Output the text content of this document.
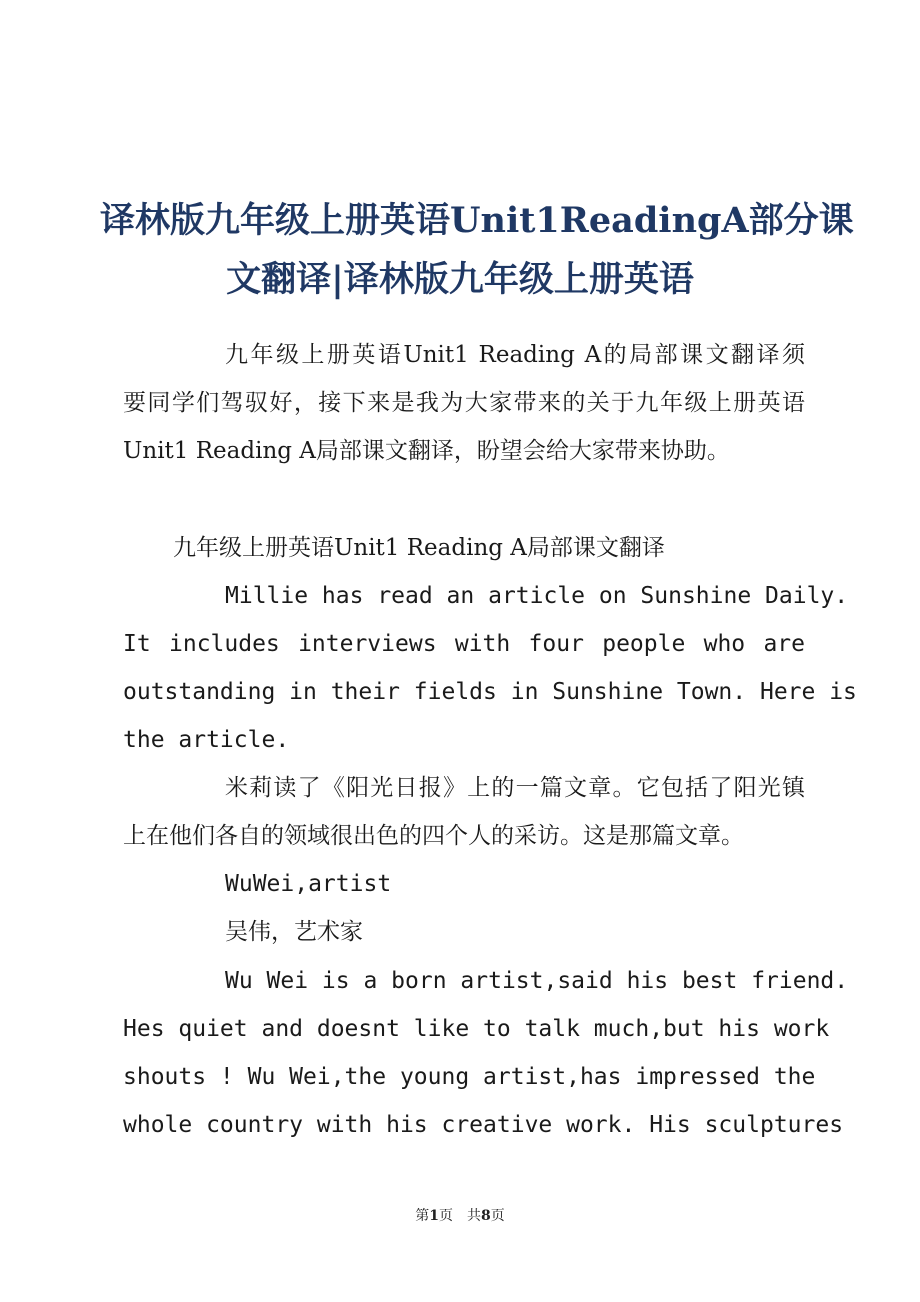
译林版九年级上册英语Unit1ReadingA部分课
文翻译|译林版九年级上册英语
九年级上册英语Unit1 Reading A的局部课文翻译须
要同学们驾驭好，接下来是我为大家带来的关于九年级上册英语
Unit1 Reading A局部课文翻译，盼望会给大家带来协助。
九年级上册英语Unit1 Reading A局部课文翻译
Millie has read an article on Sunshine Daily.
It includes interviews with four people who are
outstanding in their fields in Sunshine Town. Here is
the article.
米莉读了《阳光日报》上的一篇文章。它包括了阳光镇
上在他们各自的领域很出色的四个人的采访。这是那篇文章。
WuWei,artist
吴伟，艺术家
Wu Wei is a born artist,said his best friend.
Hes quiet and doesnt like to talk much,but his work
shouts ! Wu Wei,the young artist,has impressed the
whole country with his creative work. His sculptures
第1页 共8页
